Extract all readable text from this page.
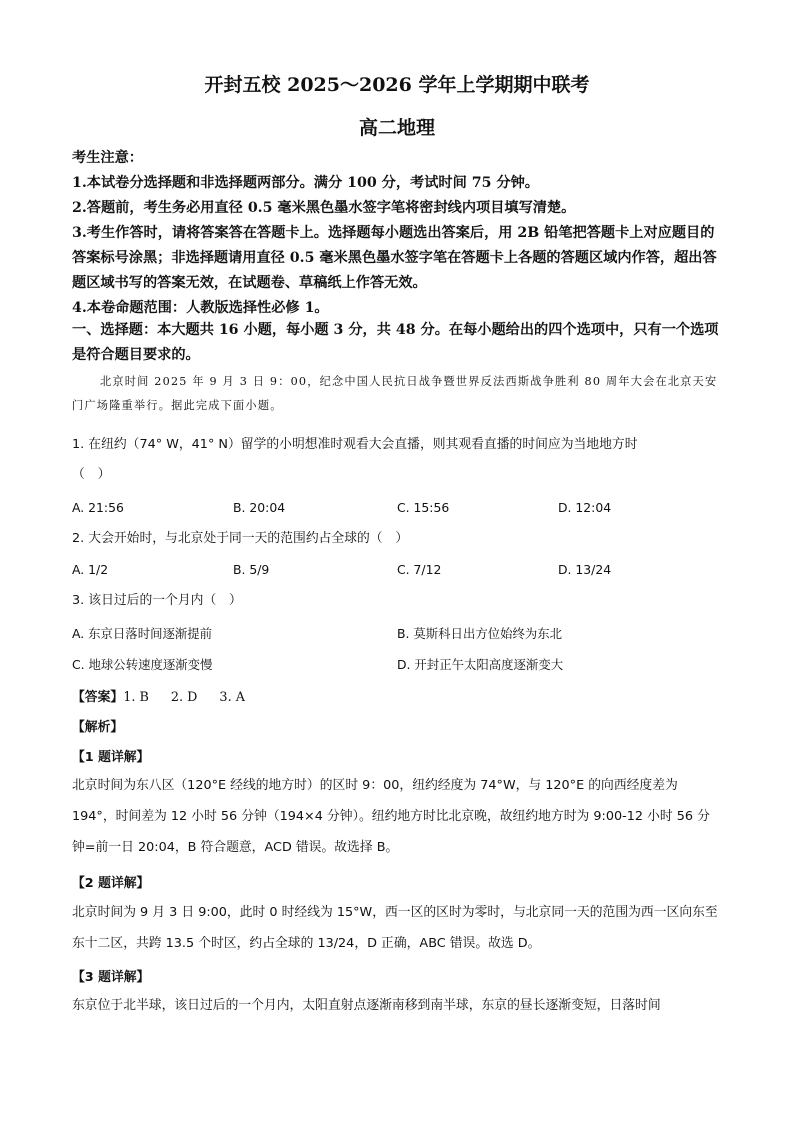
开封五校 2025～2026 学年上学期期中联考
高二地理
考生注意：
1.本试卷分选择题和非选择题两部分。满分 100 分，考试时间 75 分钟。
2.答题前，考生务必用直径 0.5 毫米黑色墨水签字笔将密封线内项目填写清楚。
3.考生作答时，请将答案答在答题卡上。选择题每小题选出答案后，用 2B 铅笔把答题卡上对应题目的答案标号涂黑；非选择题请用直径 0.5 毫米黑色墨水签字笔在答题卡上各题的答题区域内作答，超出答题区域书写的答案无效，在试题卷、草稿纸上作答无效。
4.本卷命题范围：人教版选择性必修 1。
一、选择题：本大题共 16 小题，每小题 3 分，共 48 分。在每小题给出的四个选项中，只有一个选项是符合题目要求的。
北京时间 2025 年 9 月 3 日 9：00，纪念中国人民抗日战争暨世界反法西斯战争胜利 80 周年大会在北京天安门广场隆重举行。据此完成下面小题。
1. 在纽约（74° W，41° N）留学的小明想准时观看大会直播，则其观看直播的时间应为当地地方时
（　）
A. 21:56	B. 20:04	C. 15:56	D. 12:04
2. 大会开始时，与北京处于同一天的范围约占全球的（　）
A. 1/2	B. 5/9	C. 7/12	D. 13/24
3. 该日过后的一个月内（　）
A. 东京日落时间逐渐提前	B. 莫斯科日出方位始终为东北
C. 地球公转速度逐渐变慢	D. 开封正午太阳高度逐渐变大
【答案】1. B 2. D 3. A
【解析】
【1 题详解】
北京时间为东八区（120°E 经线的地方时）的区时 9：00，纽约经度为 74°W，与 120°E 的向西经度差为 194°，时间差为 12 小时 56 分钟（194×4 分钟）。纽约地方时比北京晚，故纽约地方时为 9:00-12 小时 56 分钟=前一日 20:04，B 符合题意，ACD 错误。故选择 B。
【2 题详解】
北京时间为 9 月 3 日 9:00，此时 0 时经线为 15°W，西一区的区时为零时，与北京同一天的范围为西一区向东至东十二区，共跨 13.5 个时区，约占全球的 13/24，D 正确，ABC 错误。故选 D。
【3 题详解】
东京位于北半球，该日过后的一个月内，太阳直射点逐渐南移到南半球，东京的昼长逐渐变短，日落时间
